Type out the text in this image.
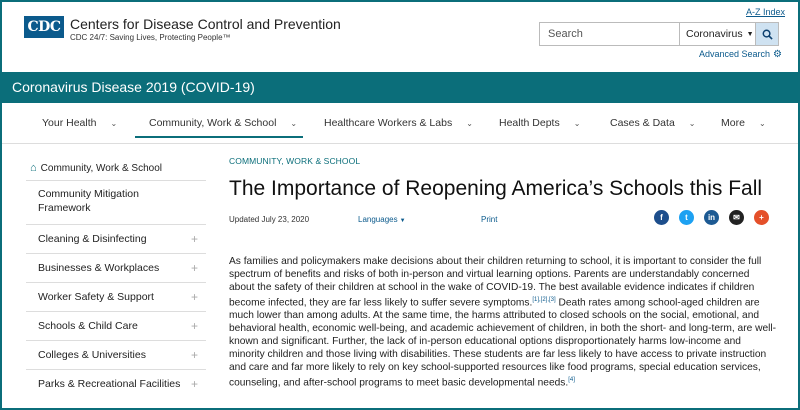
CDC Centers for Disease Control and Prevention
CDC 24/7: Saving Lives, Protecting People™
A-Z Index
Search
Coronavirus ▼
Advanced Search ⚙
Coronavirus Disease 2019 (COVID-19)
Your Health ⌄	Community, Work & School ⌄	Healthcare Workers & Labs ⌄ Health Depts ⌄	Cases & Data ⌄ More ⌄
⌂ Community, Work & School
Community Mitigation Framework
Cleaning & Disinfecting	+
Businesses & Workplaces	+
Worker Safety & Support	+
Schools & Child Care	+
Colleges & Universities	+
Parks & Recreational Facilities +
COMMUNITY, WORK & SCHOOL
The Importance of Reopening America’s Schools this Fall
Updated July 23, 2020	Languages ▼	Print	f	t	in	✉	+

As families and policymakers make decisions about their children returning to school, it is important to consider the full spectrum of benefits and risks of both in-person and virtual learning options. Parents are understandably concerned about the safety of their children at school in the wake of COVID-19. The best available evidence indicates if children become infected, they are far less likely to suffer severe symptoms.[1],[2],[3] Death rates among school-aged children are much lower than among adults. At the same time, the harms attributed to closed schools on the social, emotional, and behavioral health, economic well-being, and academic achievement of children, in both the short- and long-term, are well-known and significant. Further, the lack of in-person educational options disproportionately harms low-income and minority children and those living with disabilities. These students are far less likely to have access to private instruction and care and far more likely to rely on key school-supported resources like food programs, special education services, counseling, and after-school programs to meet basic developmental needs.[4]
